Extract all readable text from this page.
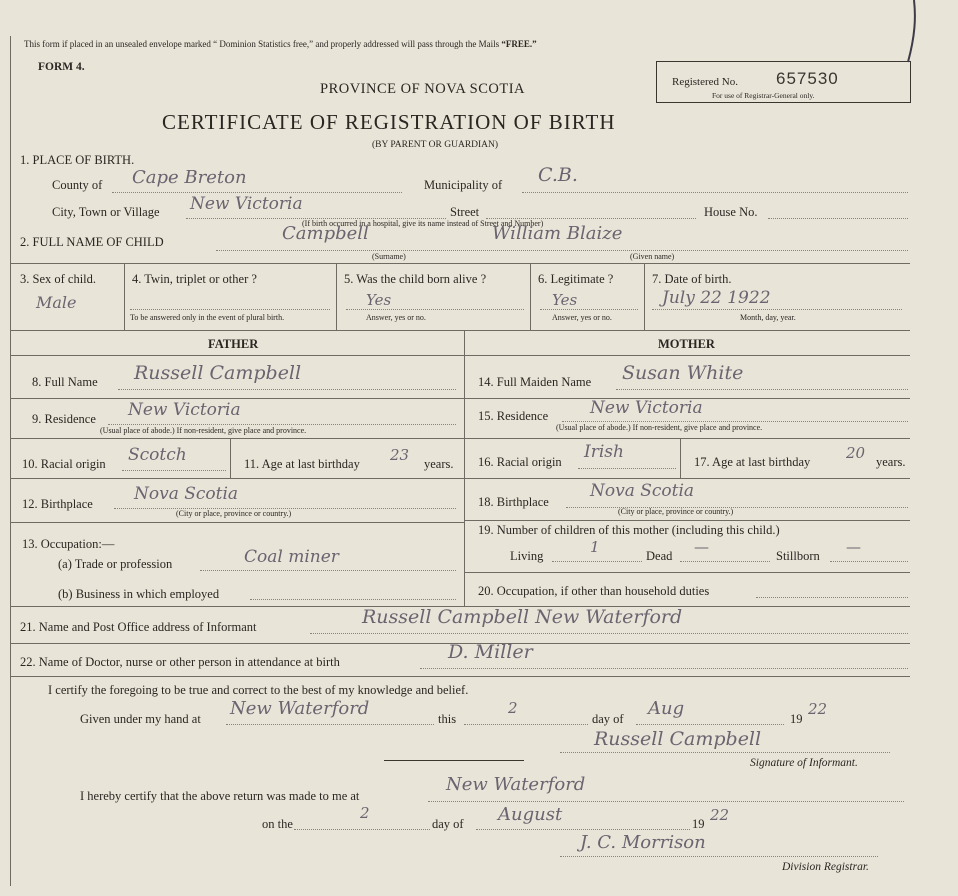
This form if placed in an unsealed envelope marked “ Dominion Statistics free,” and properly addressed will pass through the Mails “FREE.”
FORM 4.
PROVINCE OF NOVA SCOTIA
CERTIFICATE OF REGISTRATION OF BIRTH
(BY PARENT OR GUARDIAN)
Registered No. 657530
For use of Registrar-General only.
1. PLACE OF BIRTH.
County of Cape Breton	Municipality of C.B.
City, Town or Village New Victoria	Street	House No.
(If birth occurred in a hospital, give its name instead of Street and Number)
2. FULL NAME OF CHILD	Campbell	William Blaize
(Surname)	(Given name)
3. Sex of child.
Male
4. Twin, triplet or other ?
To be answered only in the event of plural birth.
5. Was the child born alive ?
Yes
Answer, yes or no.
6. Legitimate ?
Yes
Answer, yes or no.
7. Date of birth.
July 22 1922
Month, day, year.
FATHER	MOTHER
8. Full Name Russell Campbell
9. Residence New Victoria
(Usual place of abode.) If non-resident, give place and province.
10. Racial origin Scotch	11. Age at last birthday 23 years.
12. Birthplace Nova Scotia
(City or place, province or country.)
13. Occupation:—
(a) Trade or profession	Coal miner
(b) Business in which employed
14. Full Maiden Name Susan White
15. Residence New Victoria
(Usual place of abode.) If non-resident, give place and province.
16. Racial origin Irish	17. Age at last birthday 20 years.
18. Birthplace
Nova Scotia
(City or place, province or country.)
19. Number of children of this mother (including this child.)
Living	1	Dead —	Stillborn —
20. Occupation, if other than household duties
21. Name and Post Office address of Informant	Russell Campbell New Waterford
22. Name of Doctor, nurse or other person in attendance at birth	D. Miller
I certify the foregoing to be true and correct to the best of my knowledge and belief.
Given under my hand at New Waterford	this
2
day of Aug	19
22
Russell Campbell
Signature of Informant.
I hereby certify that the above return was made to me at
New Waterford
on the
2
day of August	19 22
J. C. Morrison
Division Registrar.
